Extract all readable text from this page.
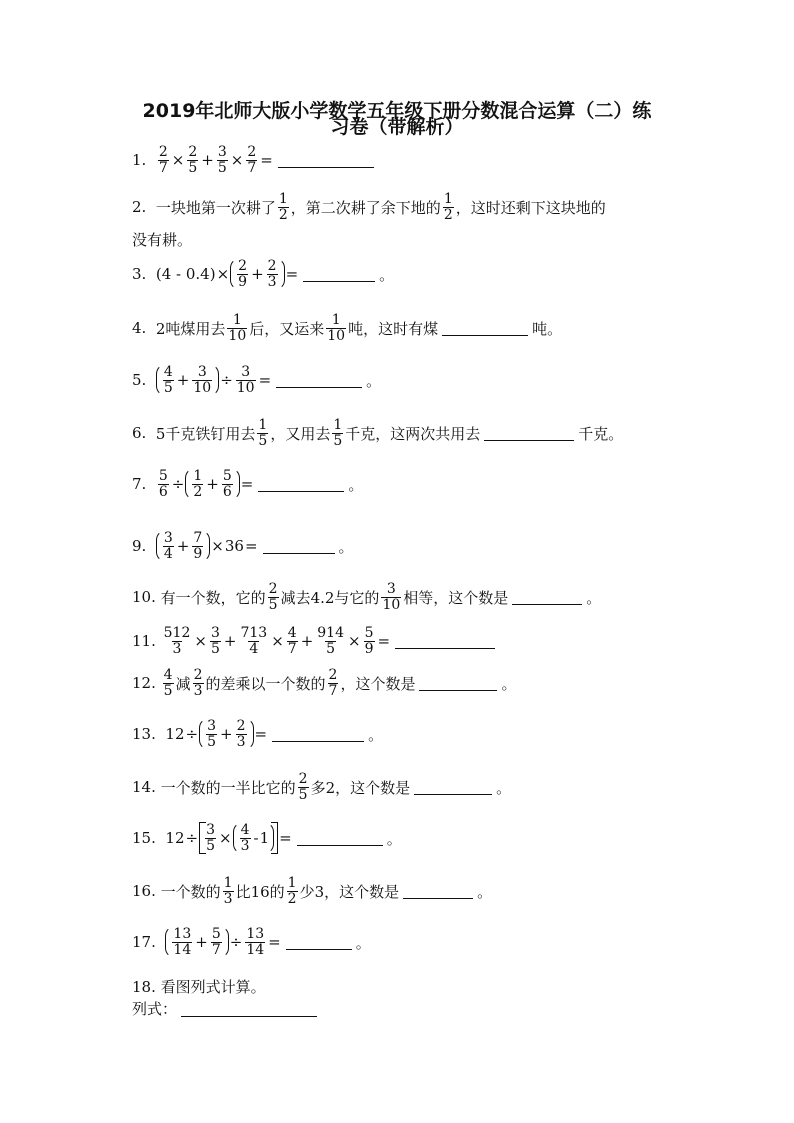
2019年北师大版小学数学五年级下册分数混合运算（二）练
习卷（带解析）
1.
$\frac{2}{7} \times \frac{2}{5} + \frac{3}{5} \times \frac{2}{7}$ =
2.
一块地第一次耕了 $\frac{1}{2}$ ，第二次耕了余下地的 $\frac{1}{2}$ ，这时还剩下这块地的
没有耕。
3.
$(4 - 0.4) \times \frac{2}{9} + \frac{2}{3}$ =	。
4.
2吨煤用去 $\frac{1}{10}$ 后，又运来 $\frac{1}{10}$ 吨，这时有煤	吨。
5.
$\frac{4}{5} + \frac{3}{10} \div \frac{3}{10}$ =	。
6.
5千克铁钉用去 $\frac{1}{5}$ ，又用去 $\frac{1}{5}$ 千克，这两次共用去	千克。
7.
$\frac{5}{6} \div \frac{1}{2} + \frac{5}{6}$ =	。
9.
$\frac{3}{4} + \frac{7}{9} \times 36$ =	。
10.
有一个数，它的 $\frac{2}{5}$ 减去4.2与它的 $\frac{3}{10}$ 相等，这个数是	。
11.
$\frac{512}{3} \times \frac{3}{5} + \frac{713}{4} \times \frac{4}{7} + \frac{914}{5} \times \frac{5}{9}$ =
12.
$\frac{4}{5}$ 减 $\frac{2}{3}$ 的差乘以一个数的 $\frac{2}{7}$ ，这个数是	。
13.
$12 \div \frac{3}{5} + \frac{2}{3}$ =	。
14.
一个数的一半比它的 $\frac{2}{5}$ 多2，这个数是	。
15.
$12 \div \frac{3}{5} \times \frac{4}{3} - 1$ =	。
16.
一个数的 $\frac{1}{3}$ 比16的 $\frac{1}{2}$ 少3，这个数是	。
17.
$\frac{13}{14} + \frac{5}{7} \div \frac{13}{14}$ =	。
18.
看图列式计算。
列式：
